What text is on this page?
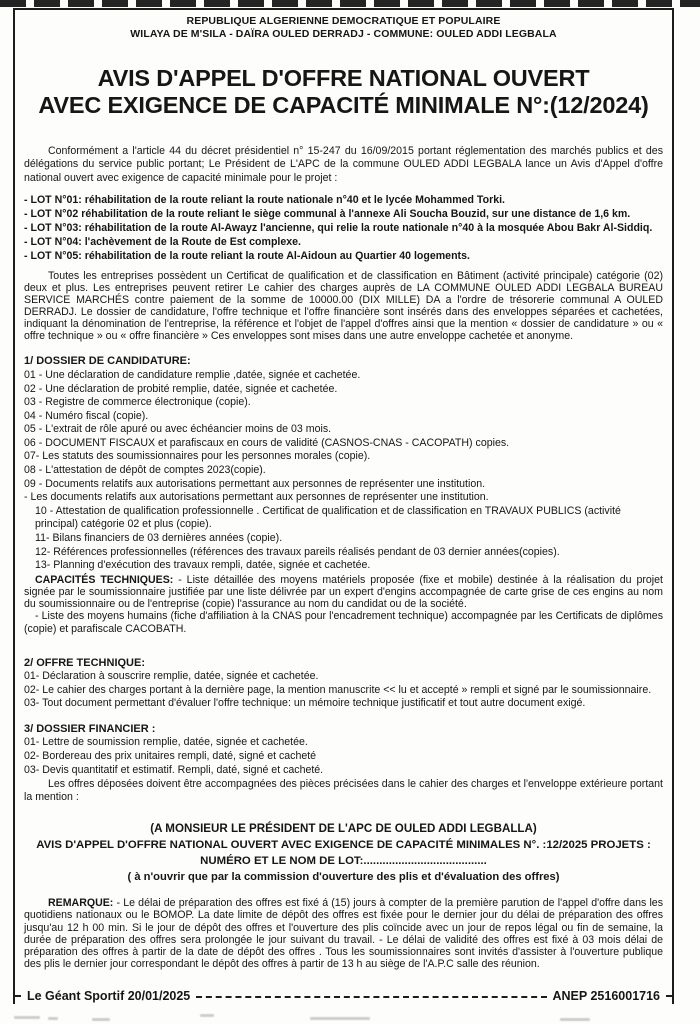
REPUBLIQUE ALGERIENNE DEMOCRATIQUE ET POPULAIRE
WILAYA DE M'SILA - DAÏRA OULED DERRADJ - COMMUNE: OULED ADDI LEGBALA
AVIS D'APPEL D'OFFRE NATIONAL OUVERT
AVEC EXIGENCE DE CAPACITÉ MINIMALE N°:(12/2024)

Conformément a l'article 44 du décret présidentiel n° 15-247 du 16/09/2015 portant réglementation des marchés publics et des délégations du service public portant; Le Président de L'APC de la commune OULED ADDI LEGBALA lance un Avis d'Appel d'offre national ouvert avec exigence de capacité minimale pour le projet :

- LOT N°01: réhabilitation de la route reliant la route nationale n°40 et le lycée Mohammed Torki.

- LOT N°02 réhabilitation de la route reliant le siège communal à l'annexe Ali Soucha Bouzid, sur une distance de 1,6 km.

- LOT N°03: réhabilitation de la route Al-Awayz l'ancienne, qui relie la route nationale n°40 à la mosquée Abou Bakr Al-Siddiq.

- LOT N°04: l'achèvement de la Route de Est complexe.

- LOT N°05: réhabilitation de la route reliant la route Al-Aidoun au Quartier 40 logements.

Toutes les entreprises possèdent un Certificat de qualification et de classification en Bâtiment (activité principale) catégorie (02) deux et plus. Les entreprises peuvent retirer Le cahier des charges auprès de LA COMMUNE OULED ADDI LEGBALA BUREAU SERVICE MARCHÉS contre paiement de la somme de 10000.00 (DIX MILLE) DA a l'ordre de trésorerie communal A OULED DERRADJ. Le dossier de candidature, l'offre technique et l'offre financière sont insérés dans des enveloppes séparées et cachetées, indiquant la dénomination de l'entreprise, la référence et l'objet de l'appel d'offres ainsi que la mention « dossier de candidature » ou « offre technique » ou « offre financière » Ces enveloppes sont mises dans une autre enveloppe cachetée et anonyme.

1/ DOSSIER DE CANDIDATURE:

01 - Une déclaration de candidature remplie ,datée, signée et cachetée.

02 - Une déclaration de probité remplie, datée, signée et cachetée.

03 - Registre de commerce électronique (copie).

04 - Numéro fiscal (copie).

05 - L'extrait de rôle apuré ou avec échéancier moins de 03 mois.

06 - DOCUMENT FISCAUX et parafiscaux en cours de validité (CASNOS-CNAS - CACOPATH) copies.

07- Les statuts des soumissionnaires pour les personnes morales (copie).

08 - L'attestation de dépôt de comptes 2023(copie).

09 - Documents relatifs aux autorisations permettant aux personnes de représenter une institution.

- Les documents relatifs aux autorisations permettant aux personnes de représenter une institution.

10 - Attestation de qualification professionnelle . Certificat de qualification et de classification en TRAVAUX PUBLICS (activité principal) catégorie 02 et plus (copie).

11- Bilans financiers de 03 dernières années (copie).

12- Références professionnelles (références des travaux pareils réalisés pendant de 03 dernier années(copies).

13- Planning d'exécution des travaux rempli, datée, signée et cachetée.

CAPACITÉS TECHNIQUES: - Liste détaillée des moyens matériels proposée (fixe et mobile) destinée à la réalisation du projet signée par le soumissionnaire justifiée par une liste délivrée par un expert d'engins accompagnée de carte grise de ces engins au nom du soumissionnaire ou de l'entreprise (copie) l'assurance au nom du candidat ou de la société.

- Liste des moyens humains (fiche d'affiliation à la CNAS pour l'encadrement technique) accompagnée par les Certificats de diplômes (copie) et parafiscale CACOBATH.

2/ OFFRE TECHNIQUE:

01- Déclaration à souscrire remplie, datée, signée et cachetée.

02- Le cahier des charges portant à la dernière page, la mention manuscrite << lu et accepté » rempli et signé par le soumissionnaire.

03- Tout document permettant d'évaluer l'offre technique: un mémoire technique justificatif et tout autre document exigé.

3/ DOSSIER FINANCIER :

01- Lettre de soumission remplie, datée, signée et cachetée.

02- Bordereau des prix unitaires rempli, daté, signé et cacheté

03- Devis quantitatif et estimatif. Rempli, daté, signé et cacheté.

Les offres déposées doivent être accompagnées des pièces précisées dans le cahier des charges et l'enveloppe extérieure portant la mention :

(A MONSIEUR LE PRÉSIDENT DE L'APC DE OULED ADDI LEGBALLA)
AVIS D'APPEL D'OFFRE NATIONAL OUVERT AVEC EXIGENCE DE CAPACITÉ MINIMALES N°. :12/2025 PROJETS :
NUMÉRO ET LE NOM DE LOT:.......................................
( à n'ouvrir que par la commission d'ouverture des plis et d'évaluation des offres)

REMARQUE: - Le délai de préparation des offres est fixé á (15) jours à compter de la première parution de l'appel d'offre dans les quotidiens nationaux ou le BOMOP. La date limite de dépôt des offres est fixée pour le dernier jour du délai de préparation des offres jusqu'au 12 h 00 min. Si le jour de dépôt des offres et l'ouverture des plis coïncide avec un jour de repos légal ou fin de semaine, la durée de préparation des offres sera prolongée le jour suivant du travail. - Le délai de validité des offres est fixé à 03 mois délai de préparation des offres à partir de la date de dépôt des offres . Tous les soumissionnaires sont invités d'assister à l'ouverture publique des plis le dernier jour correspondant le dépôt des offres à partir de 13 h au siège de l'A.P.C salle des réunion.

Le Géant Sportif 20/01/2025	ANEP 2516001716
